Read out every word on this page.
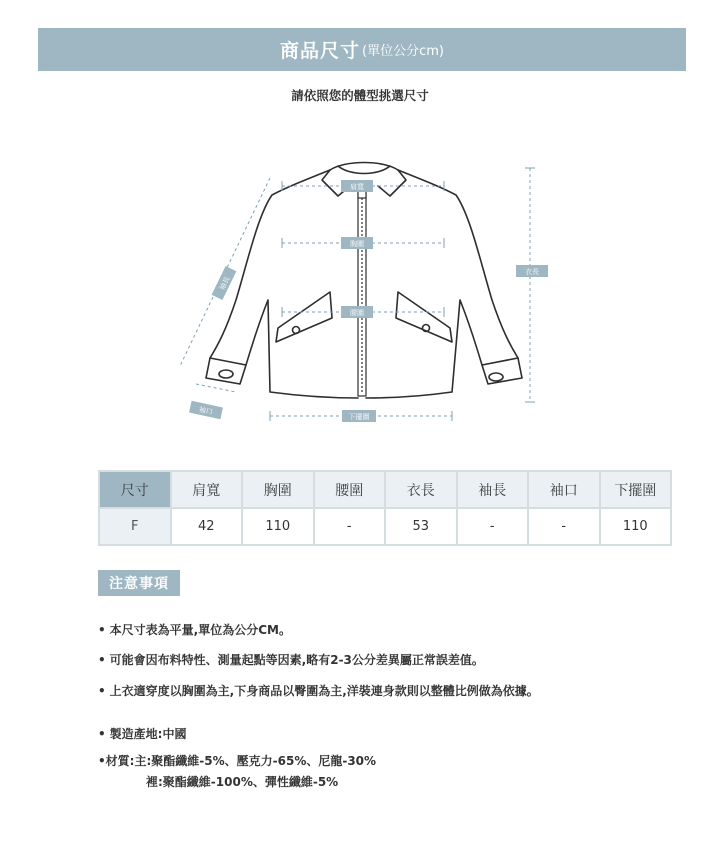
商品尺寸 (單位公分cm)
請依照您的體型挑選尺寸
肩寬
胸圍
腰圍
衣長
下擺圍
袖長
袖口
尺寸	肩寬	胸圍	腰圍	衣長	袖長	袖口	下擺圍
F	42	110	-	53	-	-	110
注意事項
• 本尺寸表為平量,單位為公分CM。
• 可能會因布料特性、測量起點等因素,略有2-3公分差異屬正常誤差值。
• 上衣適穿度以胸圍為主,下身商品以臀圍為主,洋裝連身款則以整體比例做為依據。
• 製造產地:中國
•材質:主:聚酯纖維-5%、壓克力-65%、尼龍-30%
裡:聚酯纖維-100%、彈性纖維-5%
